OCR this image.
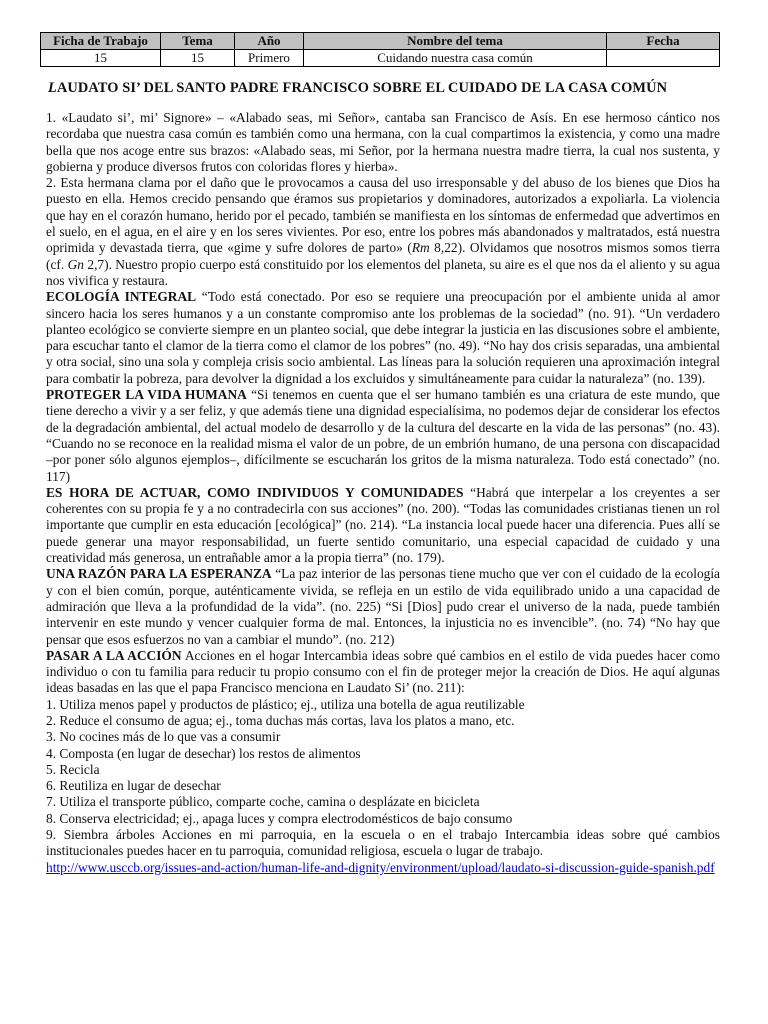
Ficha de Trabajo	Tema	Año	Nombre del tema	Fecha
15	15	Primero	Cuidando nuestra casa común	
LAUDATO SI’ DEL SANTO PADRE FRANCISCO SOBRE EL CUIDADO DE LA CASA COMÚN

1. «Laudato si’, mi’ Signore» – «Alabado seas, mi Señor», cantaba san Francisco de Asís. En ese hermoso cántico nos recordaba que nuestra casa común es también como una hermana, con la cual compartimos la existencia, y como una madre bella que nos acoge entre sus brazos: «Alabado seas, mi Señor, por la hermana nuestra madre tierra, la cual nos sustenta, y gobierna y produce diversos frutos con coloridas flores y hierba».

2. Esta hermana clama por el daño que le provocamos a causa del uso irresponsable y del abuso de los bienes que Dios ha puesto en ella. Hemos crecido pensando que éramos sus propietarios y dominadores, autorizados a expoliarla. La violencia que hay en el corazón humano, herido por el pecado, también se manifiesta en los síntomas de enfermedad que advertimos en el suelo, en el agua, en el aire y en los seres vivientes. Por eso, entre los pobres más abandonados y maltratados, está nuestra oprimida y devastada tierra, que «gime y sufre dolores de parto» (Rm 8,22). Olvidamos que nosotros mismos somos tierra (cf. Gn 2,7). Nuestro propio cuerpo está constituido por los elementos del planeta, su aire es el que nos da el aliento y su agua nos vivifica y restaura.

ECOLOGÍA INTEGRAL “Todo está conectado. Por eso se requiere una preocupación por el ambiente unida al amor sincero hacia los seres humanos y a un constante compromiso ante los problemas de la sociedad” (no. 91). “Un verdadero planteo ecológico se convierte siempre en un planteo social, que debe integrar la justicia en las discusiones sobre el ambiente, para escuchar tanto el clamor de la tierra como el clamor de los pobres” (no. 49). “No hay dos crisis separadas, una ambiental y otra social, sino una sola y compleja crisis socio ambiental. Las líneas para la solución requieren una aproximación integral para combatir la pobreza, para devolver la dignidad a los excluidos y simultáneamente para cuidar la naturaleza” (no. 139).

PROTEGER LA VIDA HUMANA “Si tenemos en cuenta que el ser humano también es una criatura de este mundo, que tiene derecho a vivir y a ser feliz, y que además tiene una dignidad especialísima, no podemos dejar de considerar los efectos de la degradación ambiental, del actual modelo de desarrollo y de la cultura del descarte en la vida de las personas” (no. 43). “Cuando no se reconoce en la realidad misma el valor de un pobre, de un embrión humano, de una persona con discapacidad –por poner sólo algunos ejemplos–, difícilmente se escucharán los gritos de la misma naturaleza. Todo está conectado” (no. 117)

ES HORA DE ACTUAR, COMO INDIVIDUOS Y COMUNIDADES “Habrá que interpelar a los creyentes a ser coherentes con su propia fe y a no contradecirla con sus acciones” (no. 200). “Todas las comunidades cristianas tienen un rol importante que cumplir en esta educación [ecológica]” (no. 214). “La instancia local puede hacer una diferencia. Pues allí se puede generar una mayor responsabilidad, un fuerte sentido comunitario, una especial capacidad de cuidado y una creatividad más generosa, un entrañable amor a la propia tierra” (no. 179).

UNA RAZÓN PARA LA ESPERANZA “La paz interior de las personas tiene mucho que ver con el cuidado de la ecología y con el bien común, porque, auténticamente vivida, se refleja en un estilo de vida equilibrado unido a una capacidad de admiración que lleva a la profundidad de la vida”. (no. 225) “Si [Dios] pudo crear el universo de la nada, puede también intervenir en este mundo y vencer cualquier forma de mal. Entonces, la injusticia no es invencible”. (no. 74) “No hay que pensar que esos esfuerzos no van a cambiar el mundo”. (no. 212)

PASAR A LA ACCIÓN Acciones en el hogar Intercambia ideas sobre qué cambios en el estilo de vida puedes hacer como individuo o con tu familia para reducir tu propio consumo con el fin de proteger mejor la creación de Dios. He aquí algunas ideas basadas en las que el papa Francisco menciona en Laudato Si’ (no. 211):

1. Utiliza menos papel y productos de plástico; ej., utiliza una botella de agua reutilizable
2. Reduce el consumo de agua; ej., toma duchas más cortas, lava los platos a mano, etc.
3. No cocines más de lo que vas a consumir
4. Composta (en lugar de desechar) los restos de alimentos
5. Recicla
6. Reutiliza en lugar de desechar
7. Utiliza el transporte público, comparte coche, camina o desplázate en bicicleta
8. Conserva electricidad; ej., apaga luces y compra electrodomésticos de bajo consumo
9. Siembra árboles Acciones en mi parroquia, en la escuela o en el trabajo Intercambia ideas sobre qué cambios institucionales puedes hacer en tu parroquia, comunidad religiosa, escuela o lugar de trabajo.

http://www.usccb.org/issues-and-action/human-life-and-dignity/environment/upload/laudato-si-discussion-guide-spanish.pdf
